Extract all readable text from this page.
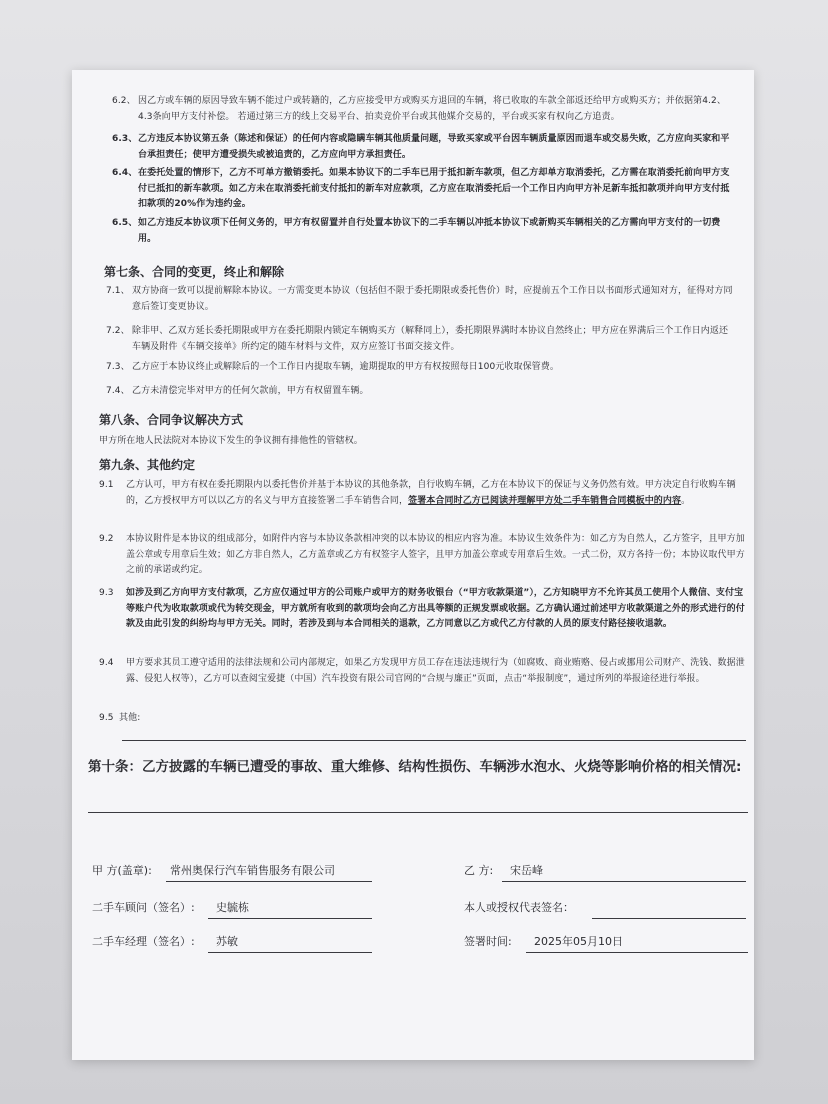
6.2、 因乙方或车辆的原因导致车辆不能过户或转籍的，乙方应接受甲方或购买方退回的车辆，将已收取的车款全部返还给甲方或购买方；并依据第4.2、4.3条向甲方支付补偿。 若通过第三方的线上交易平台、拍卖竞价平台或其他媒介交易的，平台或买家有权向乙方追责。
6.3、 乙方违反本协议第五条（陈述和保证）的任何内容或隐瞒车辆其他质量问题，导致买家或平台因车辆质量原因而退车或交易失败，乙方应向买家和平台承担责任；使甲方遭受损失或被追责的，乙方应向甲方承担责任。
6.4、 在委托处置的情形下，乙方不可单方撤销委托。如果本协议下的二手车已用于抵扣新车款项，但乙方却单方取消委托，乙方需在取消委托前向甲方支付已抵扣的新车款项。如乙方未在取消委托前支付抵扣的新车对应款项，乙方应在取消委托后一个工作日内向甲方补足新车抵扣款项并向甲方支付抵扣款项的20%作为违约金。
6.5、 如乙方违反本协议项下任何义务的，甲方有权留置并自行处置本协议下的二手车辆以冲抵本协议下或新购买车辆相关的乙方需向甲方支付的一切费用。
第七条、合同的变更，终止和解除
7.1、 双方协商一致可以提前解除本协议。一方需变更本协议（包括但不限于委托期限或委托售价）时，应提前五个工作日以书面形式通知对方，征得对方同意后签订变更协议。
7.2、 除非甲、乙双方延长委托期限或甲方在委托期限内锁定车辆购买方（解释同上），委托期限界满时本协议自然终止；甲方应在界满后三个工作日内返还车辆及附件《车辆交接单》所约定的随车材料与文件，双方应签订书面交接文件。
7.3、 乙方应于本协议终止或解除后的一个工作日内提取车辆，逾期提取的甲方有权按照每日100元收取保管费。
7.4、 乙方未清偿完毕对甲方的任何欠款前，甲方有权留置车辆。
第八条、合同争议解决方式
甲方所在地人民法院对本协议下发生的争议拥有排他性的管辖权。
第九条、其他约定
9.1	乙方认可，甲方有权在委托期限内以委托售价并基于本协议的其他条款，自行收购车辆，乙方在本协议下的保证与义务仍然有效。甲方决定自行收购车辆的，乙方授权甲方可以以乙方的名义与甲方直接签署二手车销售合同，签署本合同时乙方已阅读并理解甲方处二手车销售合同模板中的内容。
9.2	本协议附件是本协议的组成部分，如附件内容与本协议条款相冲突的以本协议的相应内容为准。本协议生效条件为：如乙方为自然人，乙方签字，且甲方加盖公章或专用章后生效；如乙方非自然人，乙方盖章或乙方有权签字人签字，且甲方加盖公章或专用章后生效。一式二份，双方各持一份；本协议取代甲方之前的承诺或约定。
9.3	如涉及到乙方向甲方支付款项，乙方应仅通过甲方的公司账户或甲方的财务收银台（“甲方收款渠道”），乙方知晓甲方不允许其员工使用个人微信、支付宝等账户代为收取款项或代为转交现金，甲方就所有收到的款项均会向乙方出具等额的正规发票或收据。乙方确认通过前述甲方收款渠道之外的形式进行的付款及由此引发的纠纷均与甲方无关。同时，若涉及到与本合同相关的退款，乙方同意以乙方或代乙方付款的人员的原支付路径接收退款。
9.4	甲方要求其员工遵守适用的法律法规和公司内部规定，如果乙方发现甲方员工存在违法违规行为（如腐败、商业贿赂、侵占或挪用公司财产、洗钱、数据泄露、侵犯人权等），乙方可以查阅宝爱捷（中国）汽车投资有限公司官网的“合规与廉正”页面，点击“举报制度”，通过所列的举报途径进行举报。
9.5 其他:
第十条：乙方披露的车辆已遭受的事故、重大维修、结构性损伤、车辆涉水泡水、火烧等影响价格的相关情况:
甲 方(盖章): 常州奥保行汽车销售服务有限公司	乙 方: 宋岳峰
二手车顾问（签名）: 史毓栋	本人或授权代表签名：
二手车经理（签名）: 苏敏	签署时间: 2025年05月10日
